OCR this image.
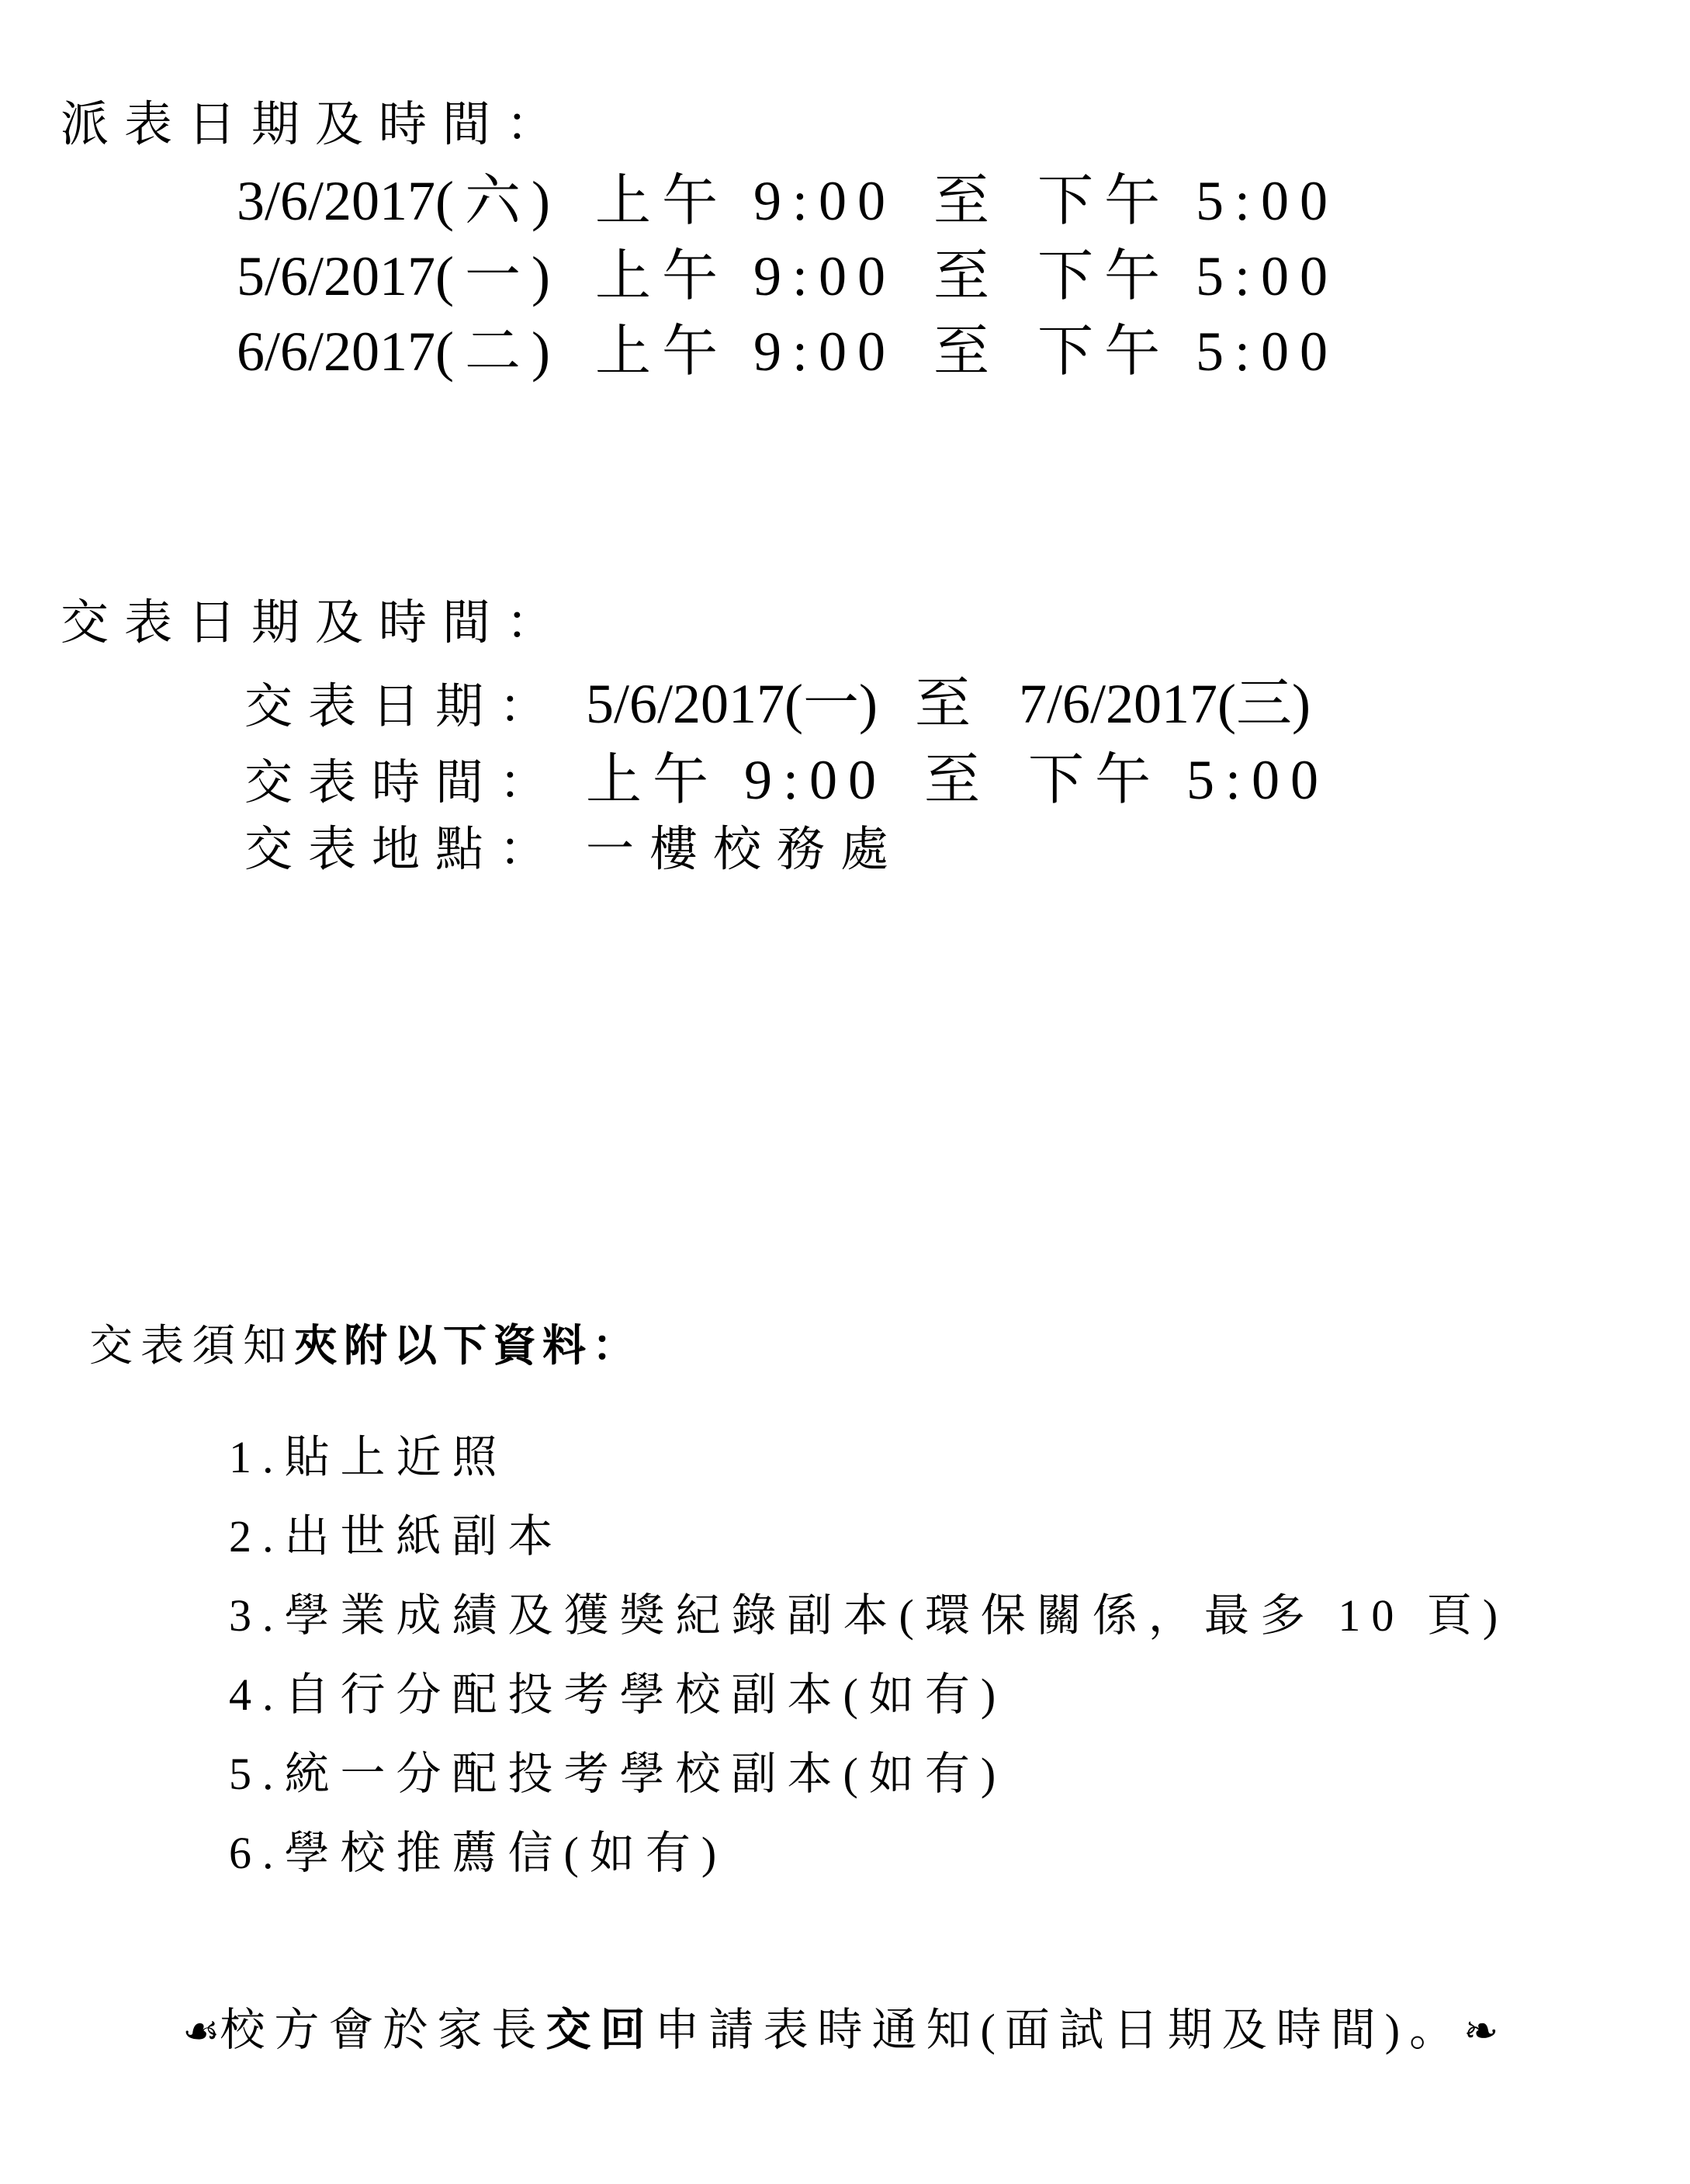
派表日期及時間：
3/6/2017 (六) 上午 9:00 至 下午 5:00
5/6/2017 (一) 上午 9:00 至 下午 5:00
6/6/2017 (二) 上午 9:00 至 下午 5:00
交表日期及時間：
交表日期： 5/6/2017(一) 至 7/6/2017(三)
交表時間： 上午 9:00 至 下午 5:00
交表地點： 一樓校務處
交表須知夾附以下資料：
1.貼上近照
2.出世紙副本
3.學業成績及獲獎紀錄副本(環保關係，最多 10 頁)
4.自行分配投考學校副本(如有)
5.統一分配投考學校副本(如有)
6.學校推薦信(如有)
☙校方會於家長交回申請表時通知(面試日期及時間)。❧
